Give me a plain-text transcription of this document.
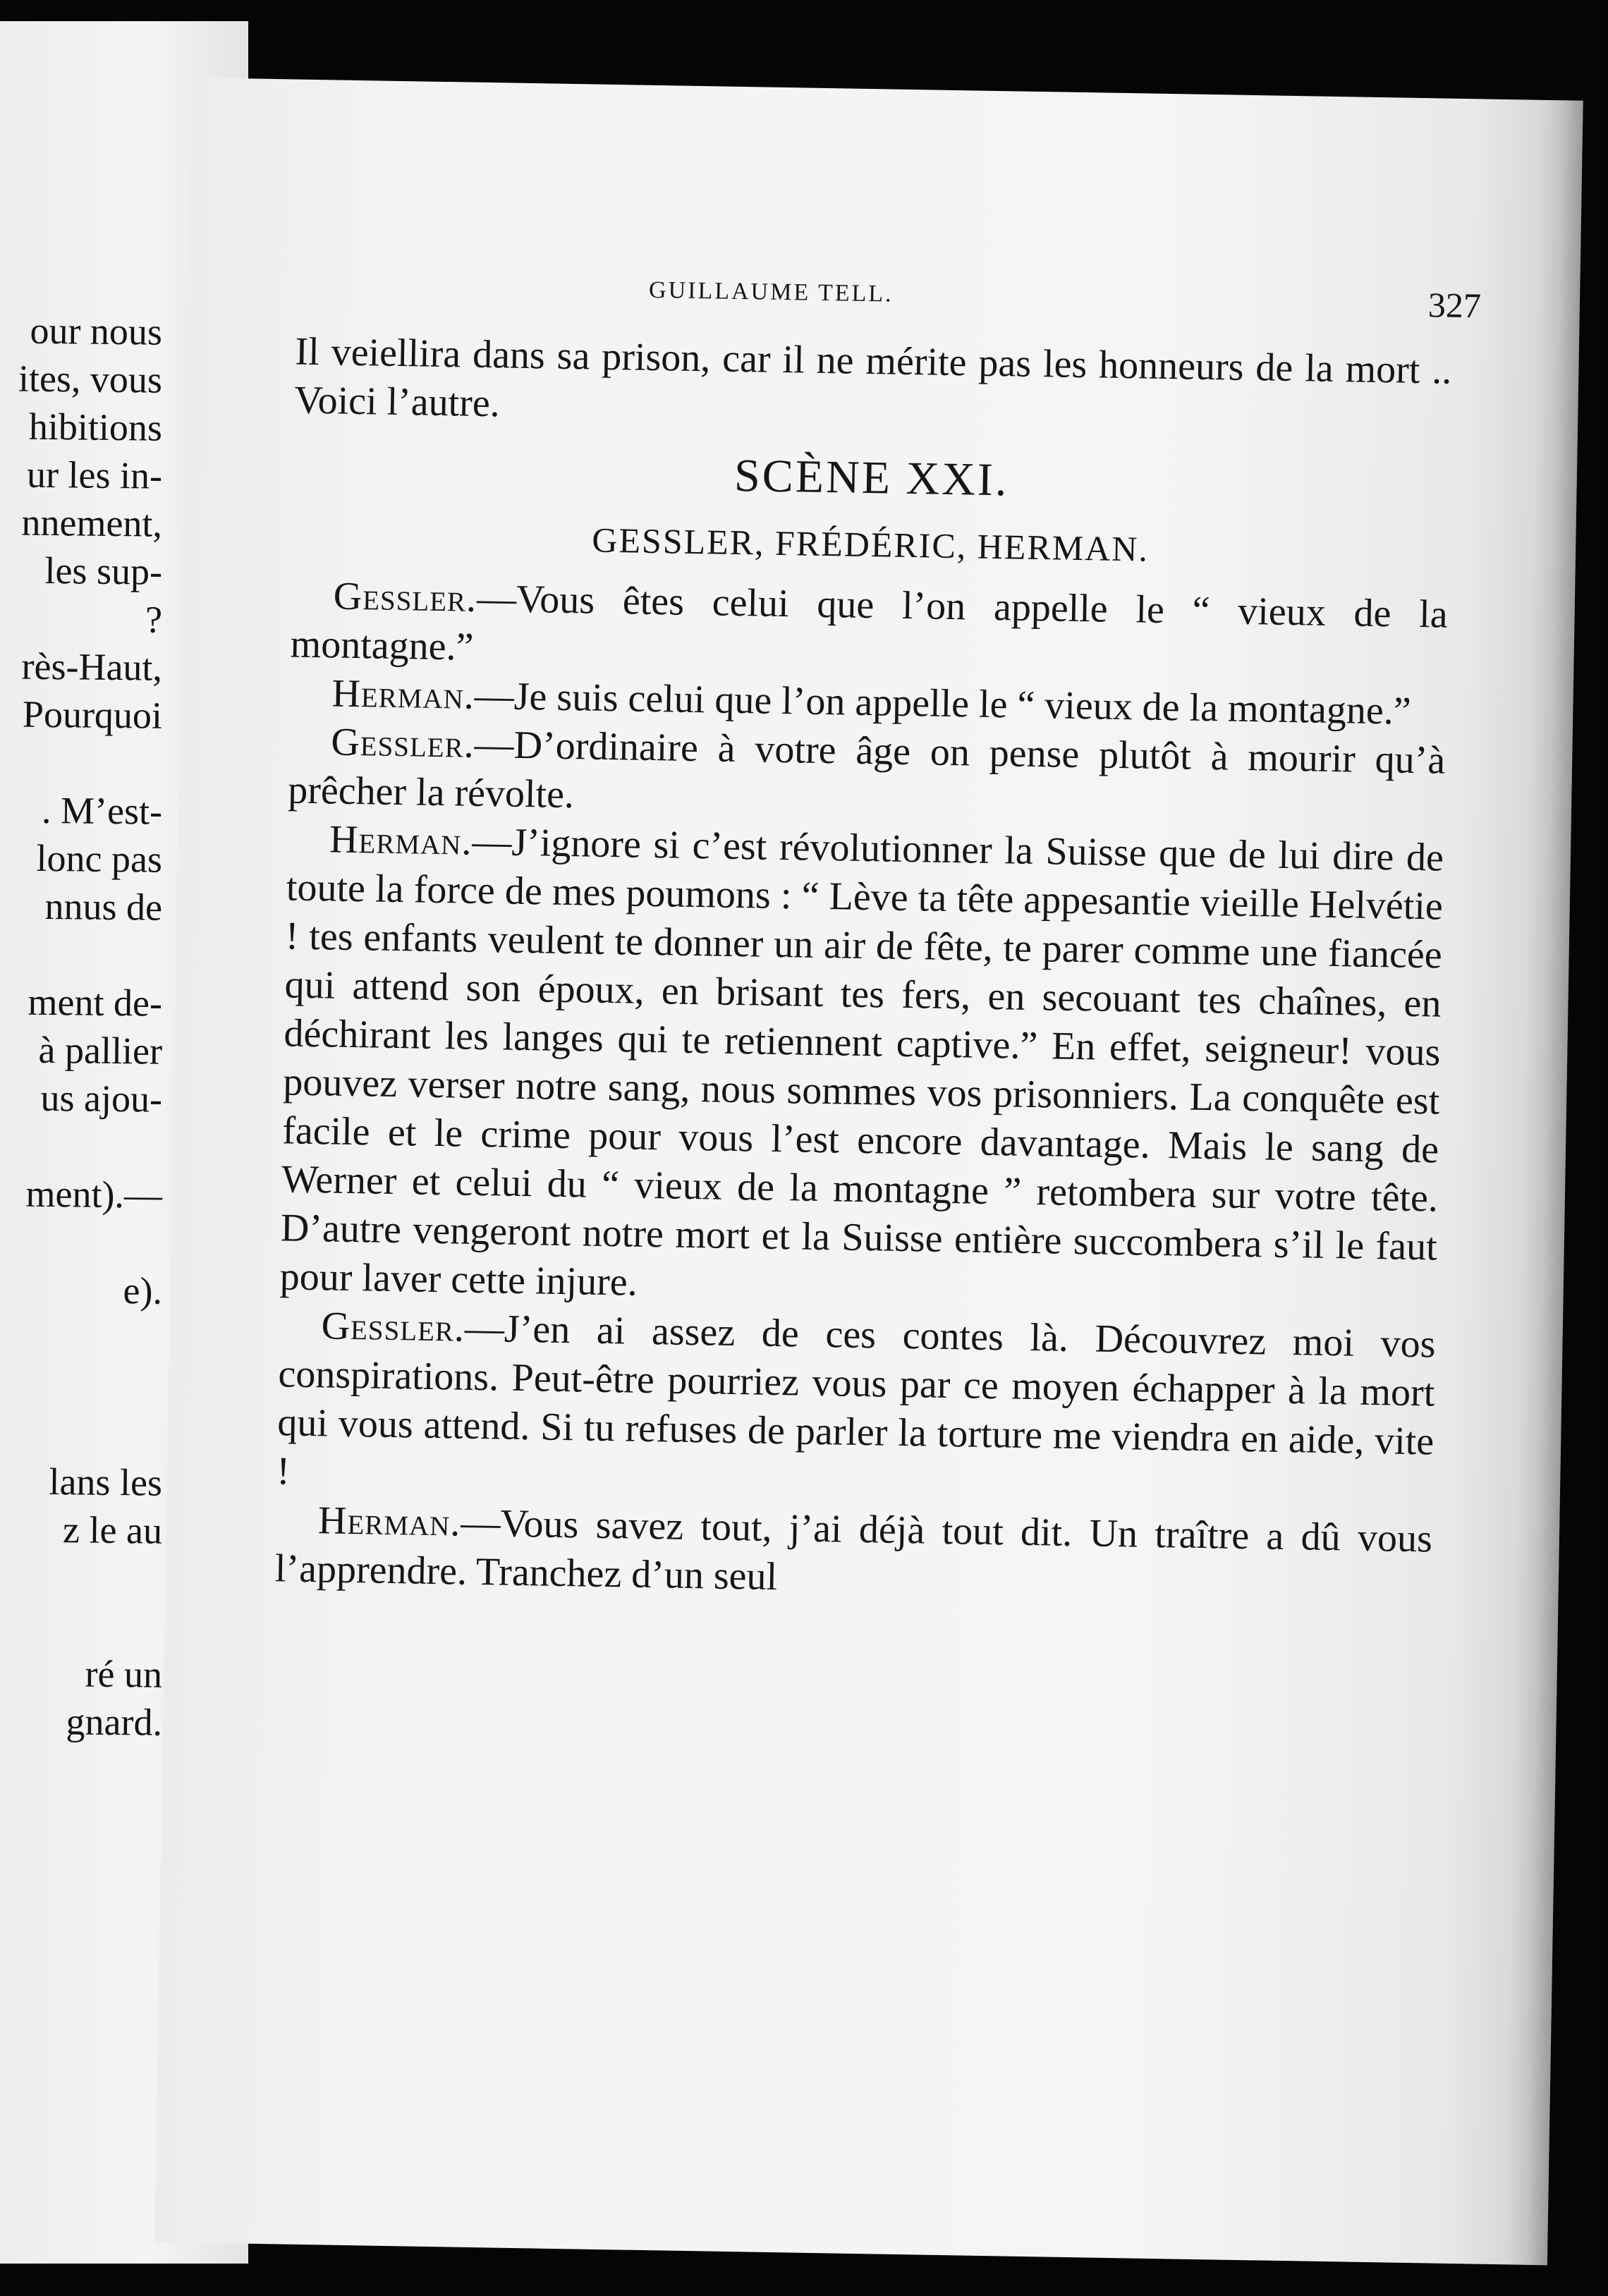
our nous
ites, vous
hibitions
ur les in-
nnement,
les sup-
?
rès-Haut,
Pourquoi
. M’est-
lonc pas
nnus de
ment de-
à pallier
us ajou-
ment).—
e).
lans les
z le au
ré un
gnard.
GUILLAUME TELL.	327

Il veiellira dans sa prison, car il ne mérite pas les honneurs de la mort .. Voici l’autre.

SCÈNE XXI.
GESSLER, FRÉDÉRIC, HERMAN.

Gessler.—Vous êtes celui que l’on appelle le “ vieux de la montagne.”

Herman.—Je suis celui que l’on appelle le “ vieux de la montagne.”

Gessler.—D’ordinaire à votre âge on pense plutôt à mourir qu’à prêcher la révolte.

Herman.—J’ignore si c’est révolutionner la Suisse que de lui dire de toute la force de mes poumons : “ Lève ta tête appesantie vieille Helvétie ! tes enfants veulent te donner un air de fête, te parer comme une fiancée qui attend son époux, en brisant tes fers, en secouant tes chaînes, en déchirant les langes qui te retiennent captive.” En effet, seigneur! vous pouvez verser notre sang, nous sommes vos prisonniers. La conquête est facile et le crime pour vous l’est encore davantage. Mais le sang de Werner et celui du “ vieux de la montagne ” retombera sur votre tête. D’autre vengeront notre mort et la Suisse entière succombera s’il le faut pour laver cette injure.

Gessler.—J’en ai assez de ces contes là. Découvrez moi vos conspirations. Peut-être pourriez vous par ce moyen échapper à la mort qui vous attend. Si tu refuses de parler la torture me viendra en aide, vite !

Herman.—Vous savez tout, j’ai déjà tout dit. Un traître a dû vous l’apprendre. Tranchez d’un seul
